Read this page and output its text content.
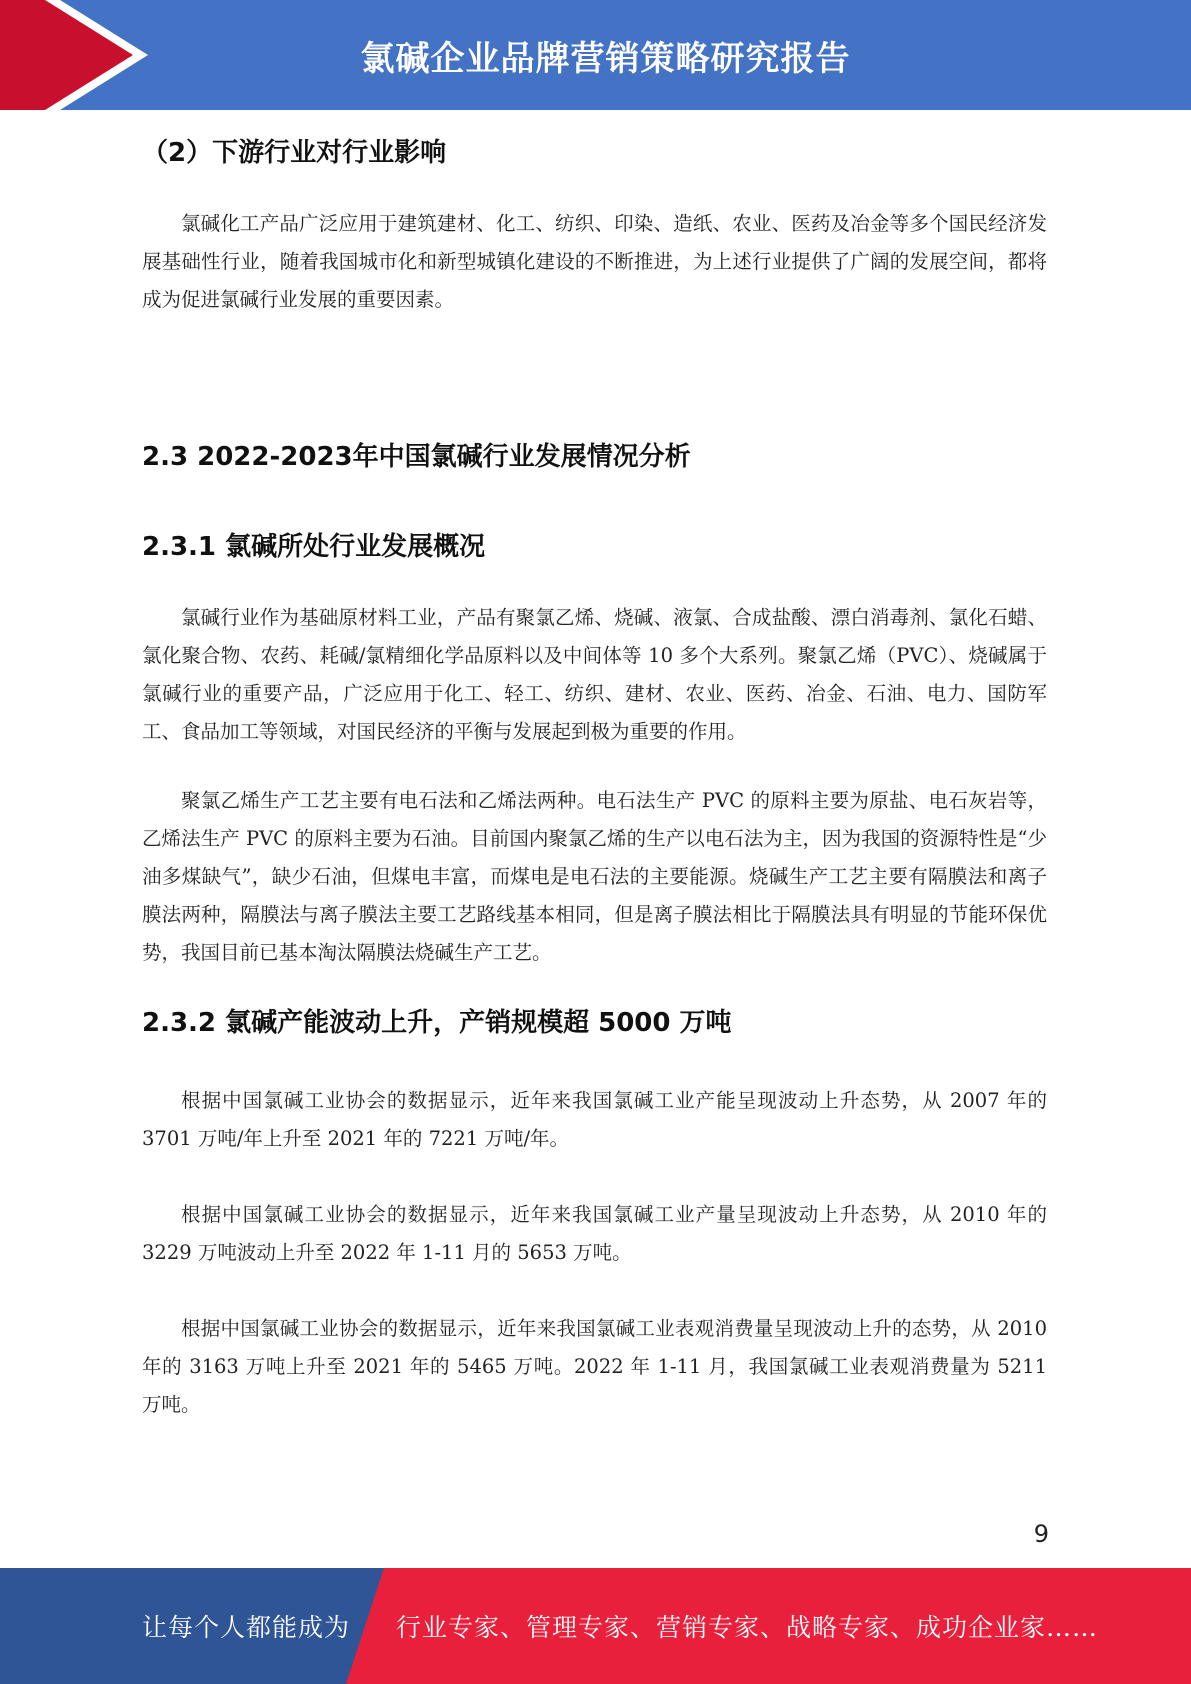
氯碱企业品牌营销策略研究报告
（2）下游行业对行业影响
氯碱化工产品广泛应用于建筑建材、化工、纺织、印染、造纸、农业、医药及冶金等多个国民经济发展基础性行业，随着我国城市化和新型城镇化建设的不断推进，为上述行业提供了广阔的发展空间，都将成为促进氯碱行业发展的重要因素。
2.3 2022-2023年中国氯碱行业发展情况分析
2.3.1 氯碱所处行业发展概况
氯碱行业作为基础原材料工业，产品有聚氯乙烯、烧碱、液氯、合成盐酸、漂白消毒剂、氯化石蜡、氯化聚合物、农药、耗碱/氯精细化学品原料以及中间体等 10 多个大系列。聚氯乙烯（PVC）、烧碱属于氯碱行业的重要产品，广泛应用于化工、轻工、纺织、建材、农业、医药、冶金、石油、电力、国防军工、食品加工等领域，对国民经济的平衡与发展起到极为重要的作用。
聚氯乙烯生产工艺主要有电石法和乙烯法两种。电石法生产 PVC 的原料主要为原盐、电石灰岩等，乙烯法生产 PVC 的原料主要为石油。目前国内聚氯乙烯的生产以电石法为主，因为我国的资源特性是“少油多煤缺气”，缺少石油，但煤电丰富，而煤电是电石法的主要能源。烧碱生产工艺主要有隔膜法和离子膜法两种，隔膜法与离子膜法主要工艺路线基本相同，但是离子膜法相比于隔膜法具有明显的节能环保优势，我国目前已基本淘汰隔膜法烧碱生产工艺。
2.3.2 氯碱产能波动上升，产销规模超 5000 万吨
根据中国氯碱工业协会的数据显示，近年来我国氯碱工业产能呈现波动上升态势，从 2007 年的 3701 万吨/年上升至 2021 年的 7221 万吨/年。
根据中国氯碱工业协会的数据显示，近年来我国氯碱工业产量呈现波动上升态势，从 2010 年的 3229 万吨波动上升至 2022 年 1-11 月的 5653 万吨。
根据中国氯碱工业协会的数据显示，近年来我国氯碱工业表观消费量呈现波动上升的态势，从 2010 年的 3163 万吨上升至 2021 年的 5465 万吨。2022 年 1-11 月，我国氯碱工业表观消费量为 5211 万吨。
9
让每个人都能成为 行业专家、管理专家、营销专家、战略专家、成功企业家……
